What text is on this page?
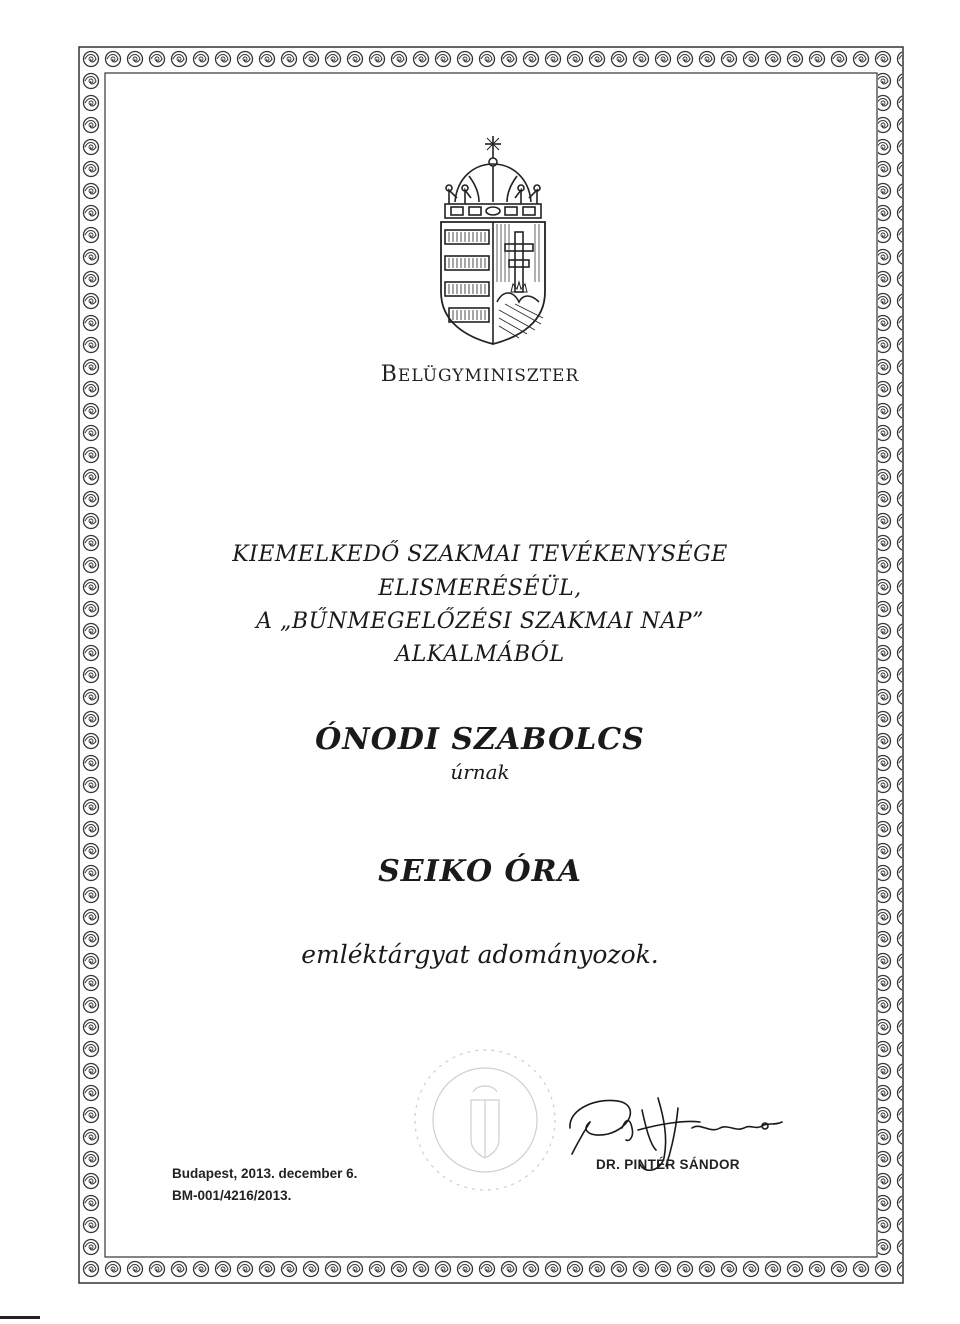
BELÜGYMINISZTER
KIEMELKEDŐ SZAKMAI TEVÉKENYSÉGE
ELISMERÉSÉÜL,
A „BŰNMEGELŐZÉSI SZAKMAI NAP”
ALKALMÁBÓL
ÓNODI SZABOLCS
úrnak
SEIKO ÓRA
emléktárgyat adományozok.
DR. PINTÉR SÁNDOR
Budapest, 2013. december 6.
BM-001/4216/2013.
